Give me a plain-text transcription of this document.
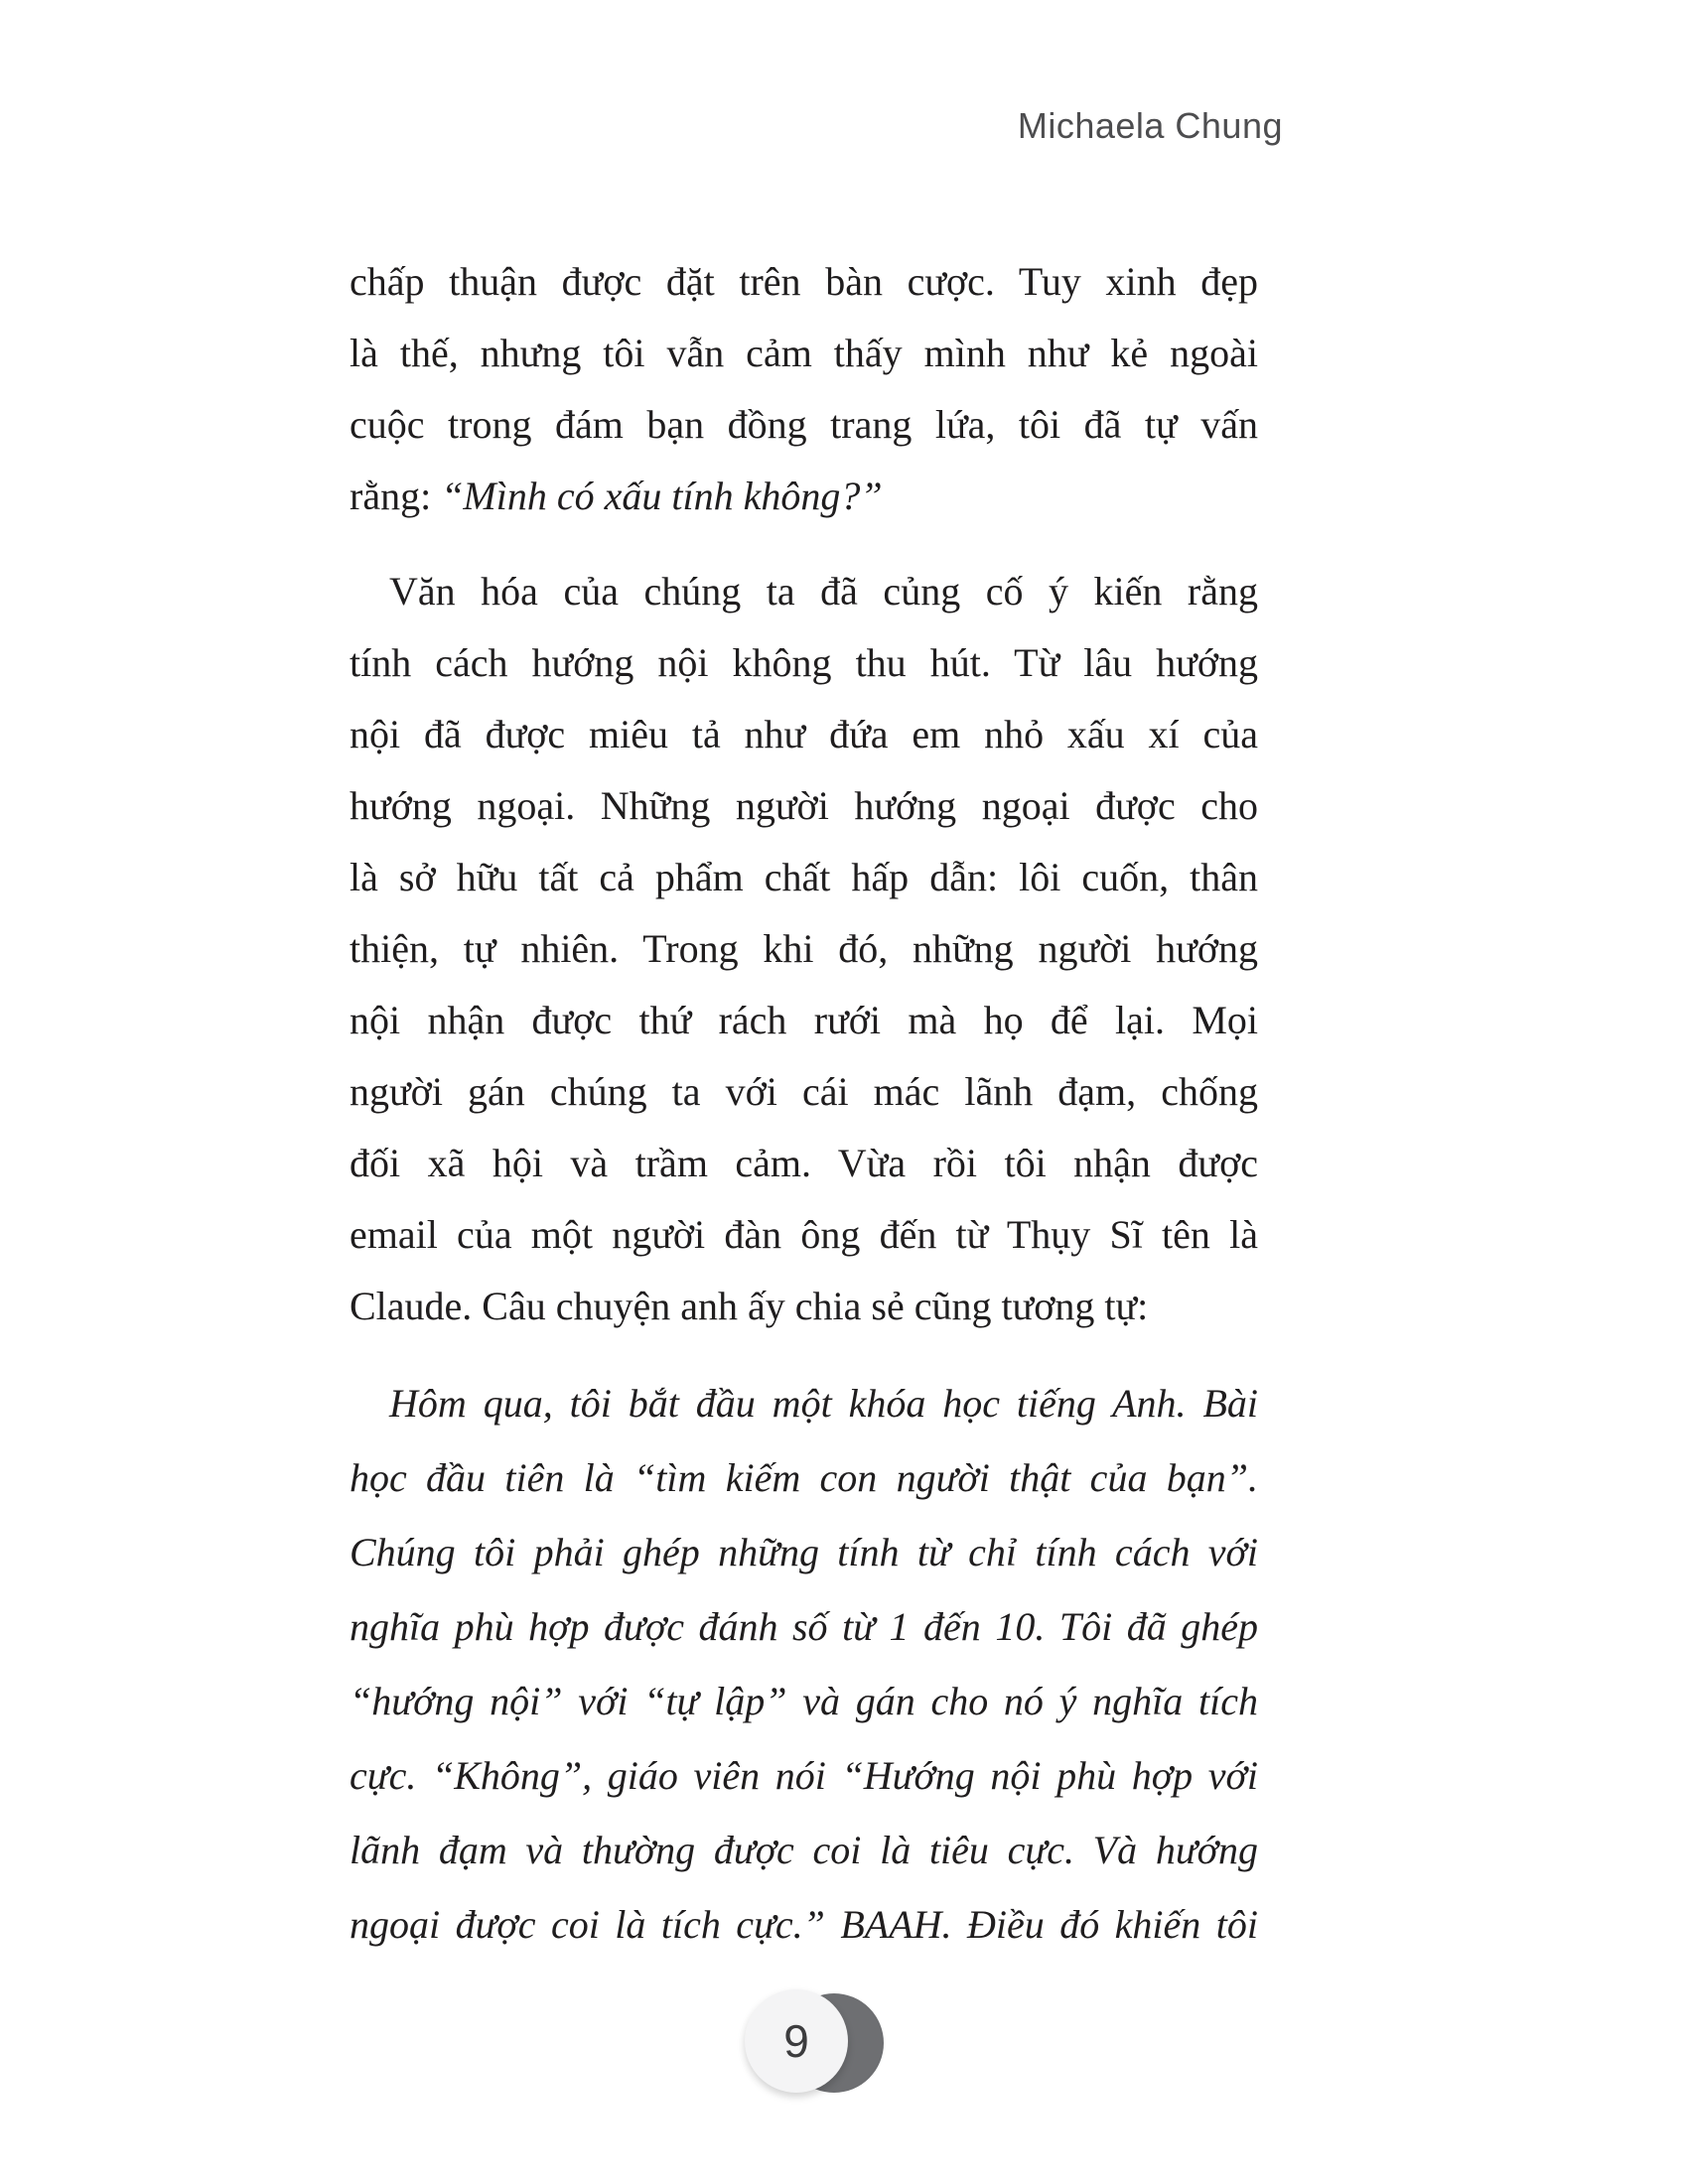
Michaela Chung
chấp thuận được đặt trên bàn cược. Tuy xinh đẹp
là thế, nhưng tôi vẫn cảm thấy mình như kẻ ngoài
cuộc trong đám bạn đồng trang lứa, tôi đã tự vấn
rằng: “Mình có xấu tính không?”
Văn hóa của chúng ta đã củng cố ý kiến rằng
tính cách hướng nội không thu hút. Từ lâu hướng
nội đã được miêu tả như đứa em nhỏ xấu xí của
hướng ngoại. Những người hướng ngoại được cho
là sở hữu tất cả phẩm chất hấp dẫn: lôi cuốn, thân
thiện, tự nhiên. Trong khi đó, những người hướng
nội nhận được thứ rách rưới mà họ để lại. Mọi
người gán chúng ta với cái mác lãnh đạm, chống
đối xã hội và trầm cảm. Vừa rồi tôi nhận được
email của một người đàn ông đến từ Thụy Sĩ tên là
Claude. Câu chuyện anh ấy chia sẻ cũng tương tự:
Hôm qua, tôi bắt đầu một khóa học tiếng Anh. Bài
học đầu tiên là “tìm kiếm con người thật của bạn”.
Chúng tôi phải ghép những tính từ chỉ tính cách với
nghĩa phù hợp được đánh số từ 1 đến 10. Tôi đã ghép
“hướng nội” với “tự lập” và gán cho nó ý nghĩa tích
cực. “Không”, giáo viên nói “Hướng nội phù hợp với
lãnh đạm và thường được coi là tiêu cực. Và hướng
ngoại được coi là tích cực.” BAAH. Điều đó khiến tôi
9
